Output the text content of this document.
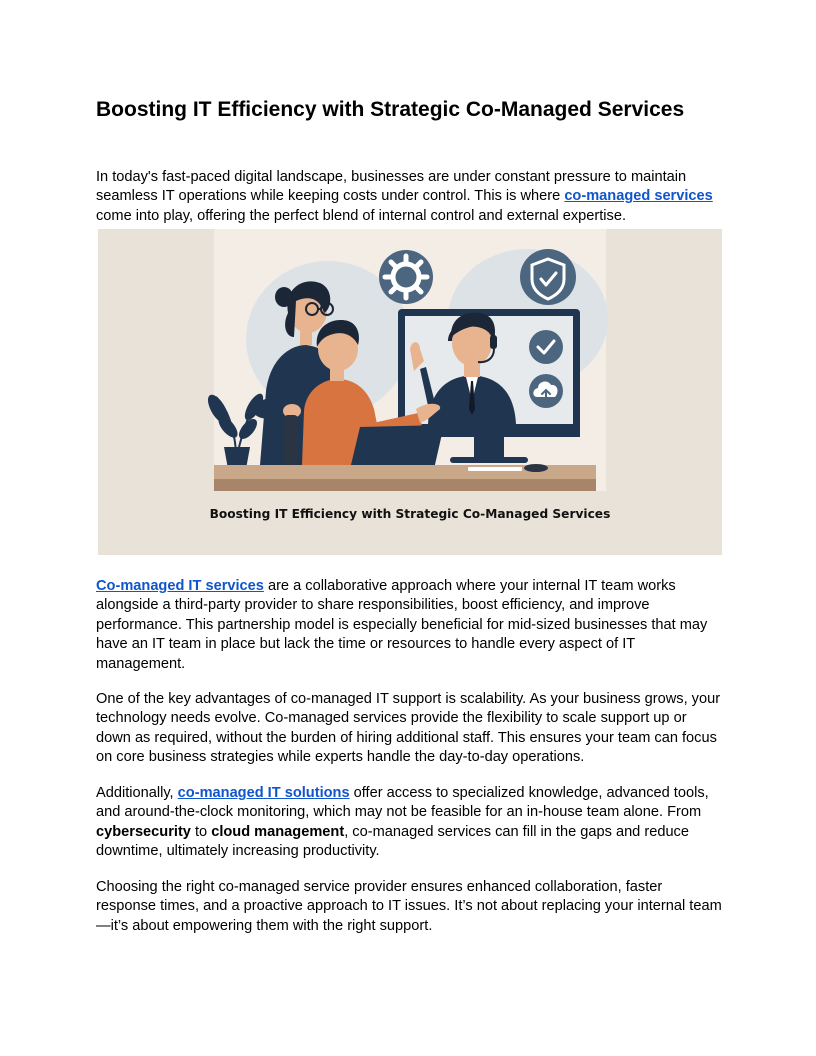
Boosting IT Efficiency with Strategic Co-Managed Services

In today's fast-paced digital landscape, businesses are under constant pressure to maintain seamless IT operations while keeping costs under control. This is where co-managed services come into play, offering the perfect blend of internal control and external expertise.

Boosting IT Efficiency with Strategic Co-Managed Services

Co-managed IT services are a collaborative approach where your internal IT team works alongside a third-party provider to share responsibilities, boost efficiency, and improve performance. This partnership model is especially beneficial for mid-sized businesses that may have an IT team in place but lack the time or resources to handle every aspect of IT management.

One of the key advantages of co-managed IT support is scalability. As your business grows, your technology needs evolve. Co-managed services provide the flexibility to scale support up or down as required, without the burden of hiring additional staff. This ensures your team can focus on core business strategies while experts handle the day-to-day operations.

Additionally, co-managed IT solutions offer access to specialized knowledge, advanced tools, and around-the-clock monitoring, which may not be feasible for an in-house team alone. From cybersecurity to cloud management, co-managed services can fill in the gaps and reduce downtime, ultimately increasing productivity.

Choosing the right co-managed service provider ensures enhanced collaboration, faster response times, and a proactive approach to IT issues. It’s not about replacing your internal team—it’s about empowering them with the right support.
